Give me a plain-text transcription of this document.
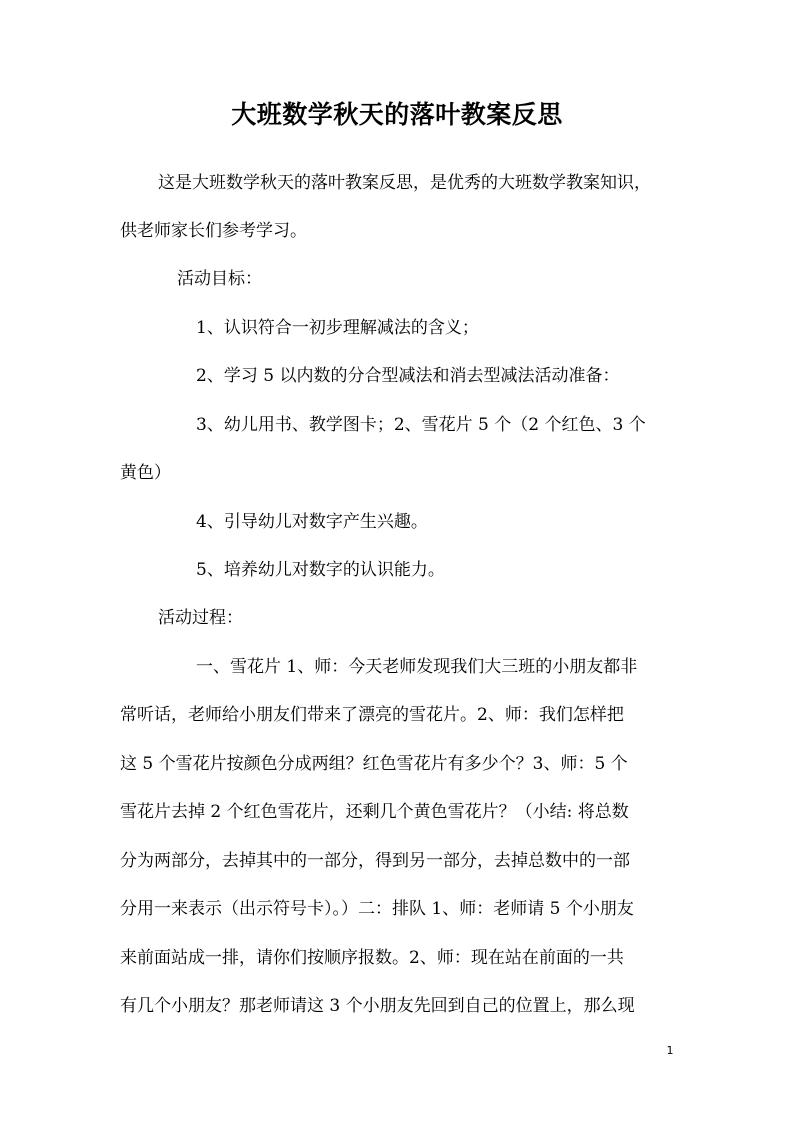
大班数学秋天的落叶教案反思
这是大班数学秋天的落叶教案反思，是优秀的大班数学教案知识，
供老师家长们参考学习。
活动目标：
1、认识符合一初步理解减法的含义；
2、学习 5 以内数的分合型减法和消去型减法活动准备：
3、幼儿用书、教学图卡；2、雪花片 5 个（2 个红色、3 个
黄色）
4、引导幼儿对数字产生兴趣。
5、培养幼儿对数字的认识能力。
活动过程：
一、雪花片 1、师：今天老师发现我们大三班的小朋友都非
常听话，老师给小朋友们带来了漂亮的雪花片。2、师：我们怎样把
这 5 个雪花片按颜色分成两组？红色雪花片有多少个？3、师：5 个
雪花片去掉 2 个红色雪花片，还剩几个黄色雪花片？（小结: 将总数
分为两部分，去掉其中的一部分，得到另一部分，去掉总数中的一部
分用一来表示（出示符号卡）。）二：排队 1、师：老师请 5 个小朋友
来前面站成一排，请你们按顺序报数。2、师：现在站在前面的一共
有几个小朋友？那老师请这 3 个小朋友先回到自己的位置上，那么现
1
